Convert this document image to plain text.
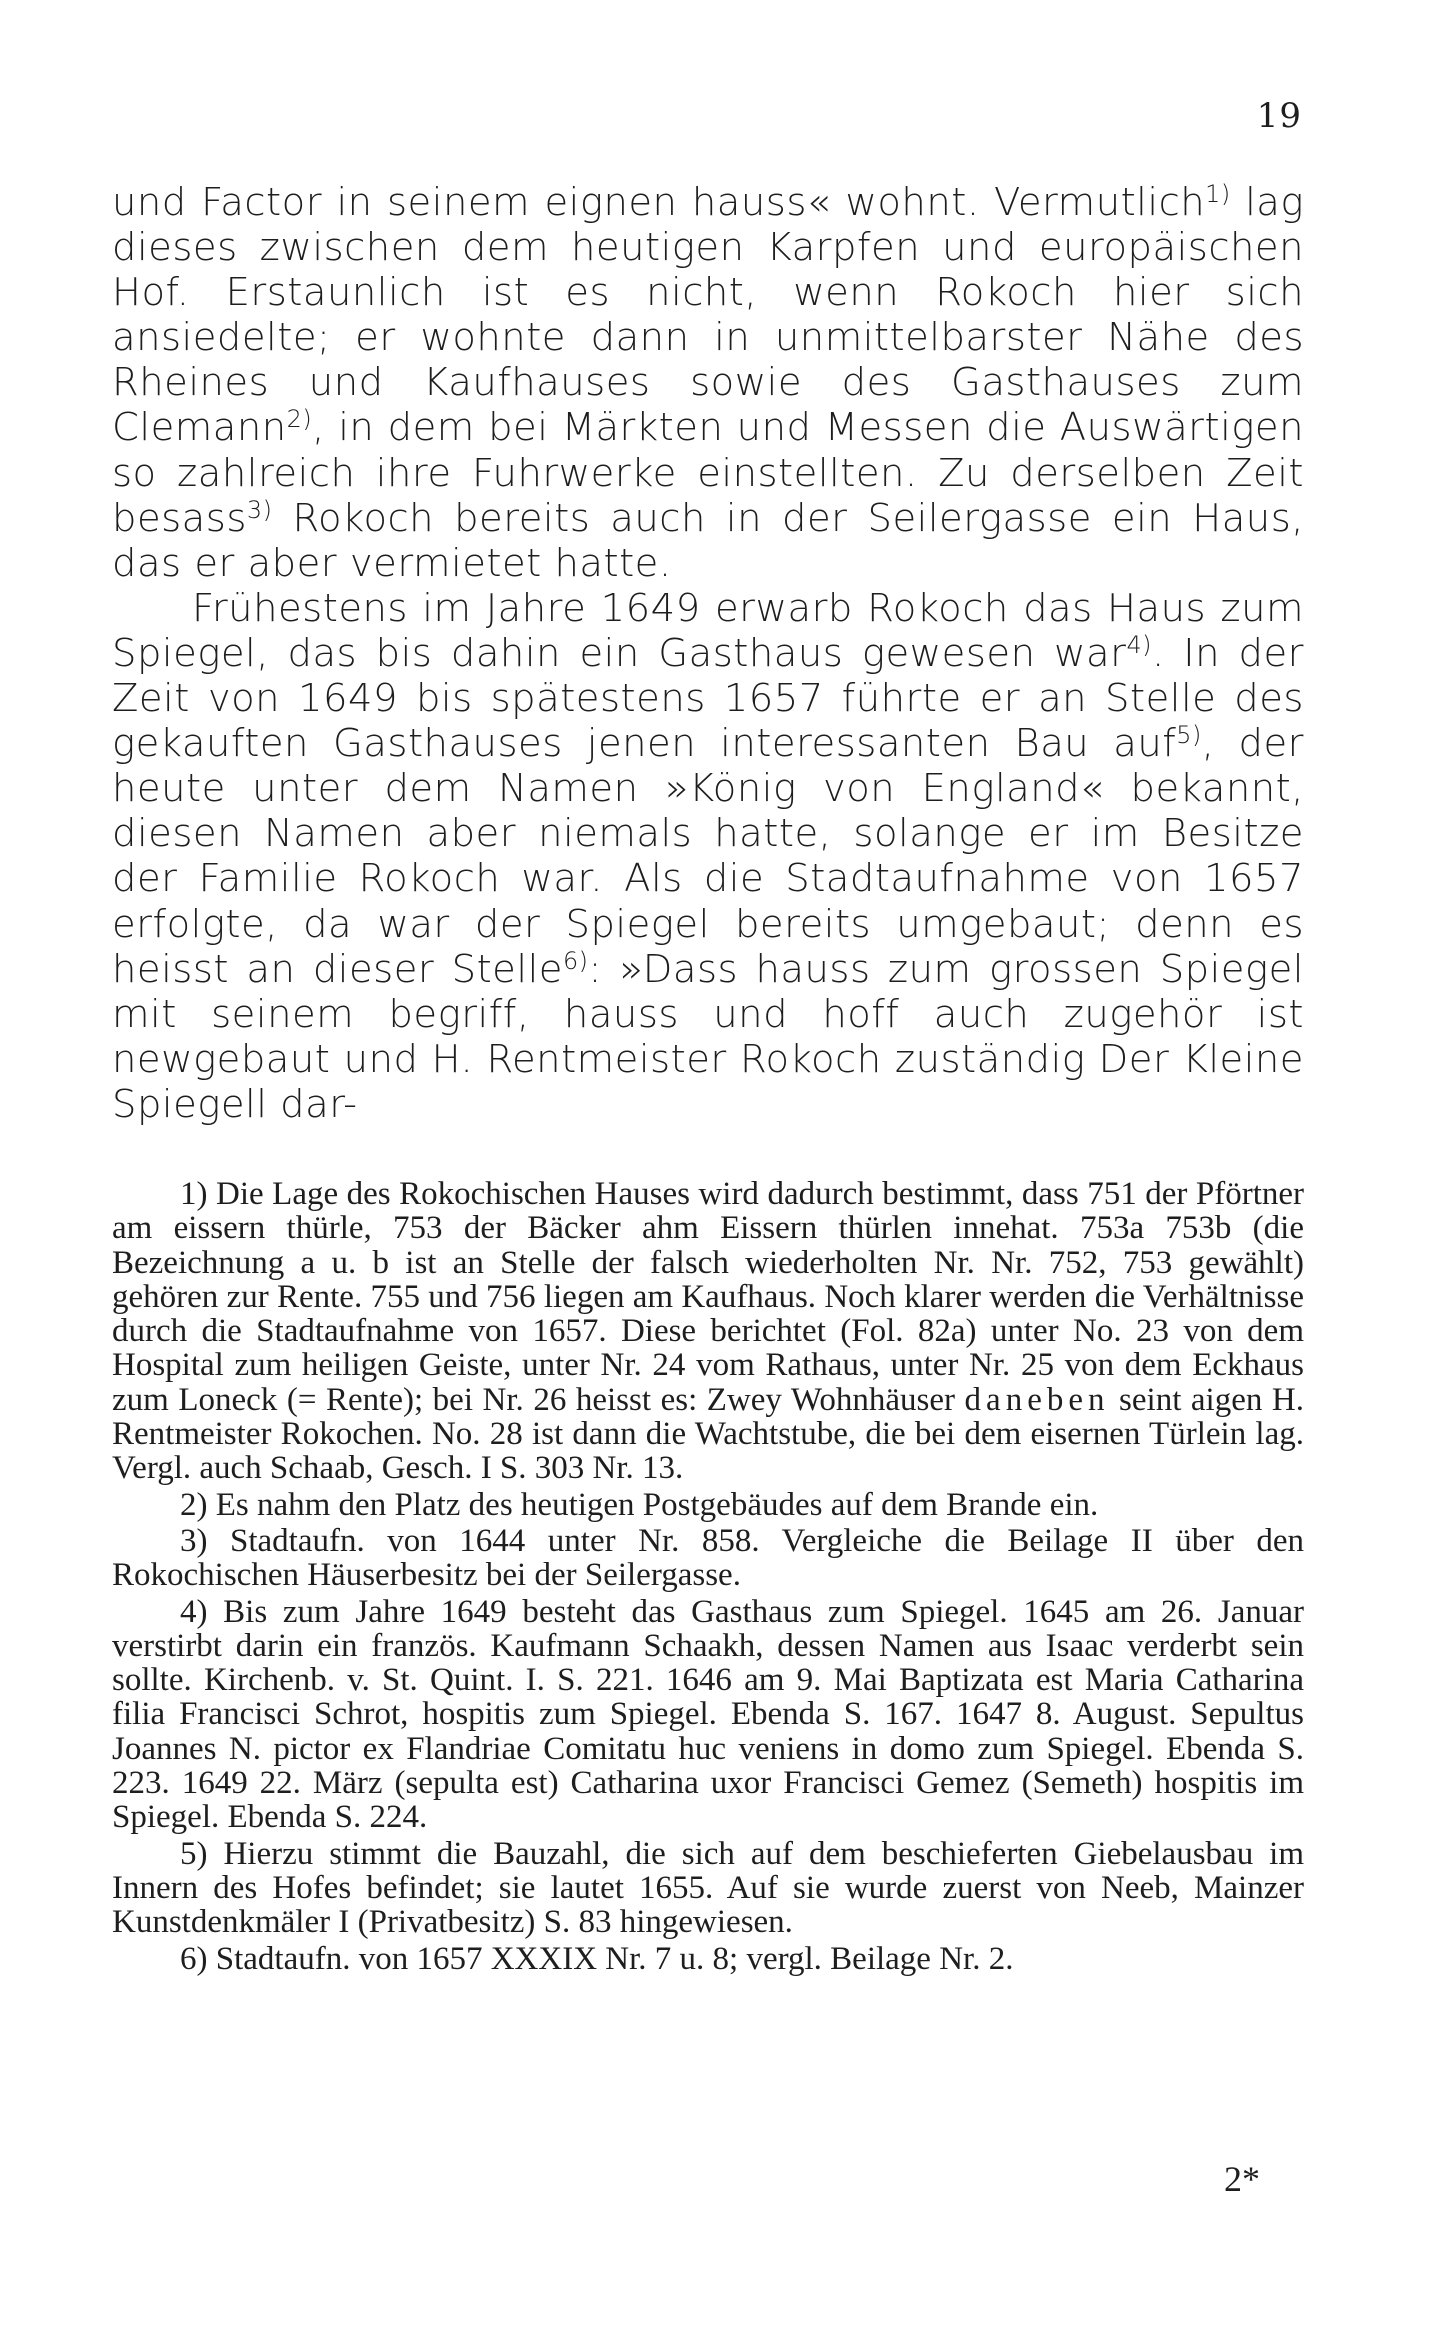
19

und Factor in seinem eignen hauss« wohnt. Vermutlich$^{1)}$ lag dieses zwischen dem heutigen Karpfen und europäischen Hof. Erstaunlich ist es nicht, wenn Rokoch hier sich ansiedelte; er wohnte dann in unmittelbarster Nähe des Rheines und Kaufhauses sowie des Gasthauses zum Clemann$^{2)}$, in dem bei Märkten und Messen die Auswärtigen so zahlreich ihre Fuhrwerke einstellten. Zu derselben Zeit besass$^{3)}$ Rokoch bereits auch in der Seilergasse ein Haus, das er aber vermietet hatte.

Frühestens im Jahre 1649 erwarb Rokoch das Haus zum Spiegel, das bis dahin ein Gasthaus gewesen war$^{4)}$. In der Zeit von 1649 bis spätestens 1657 führte er an Stelle des gekauften Gasthauses jenen interessanten Bau auf$^{5)}$, der heute unter dem Namen »König von England« bekannt, diesen Namen aber niemals hatte, solange er im Besitze der Familie Rokoch war. Als die Stadtaufnahme von 1657 erfolgte, da war der Spiegel bereits umgebaut; denn es heisst an dieser Stelle$^{6)}$: »Dass hauss zum grossen Spiegel mit seinem begriff, hauss und hoff auch zugehör ist newgebaut und H. Rentmeister Rokoch zuständig Der Kleine Spiegell dar-

1) Die Lage des Rokochischen Hauses wird dadurch bestimmt, dass 751 der Pförtner am eissern thürle, 753 der Bäcker ahm Eissern thürlen innehat. 753a 753b (die Bezeichnung a u. b ist an Stelle der falsch wiederholten Nr. Nr. 752, 753 gewählt) gehören zur Rente. 755 und 756 liegen am Kaufhaus. Noch klarer werden die Verhältnisse durch die Stadtaufnahme von 1657. Diese berichtet (Fol. 82a) unter No. 23 von dem Hospital zum heiligen Geiste, unter Nr. 24 vom Rathaus, unter Nr. 25 von dem Eckhaus zum Loneck (= Rente); bei Nr. 26 heisst es: Zwey Wohnhäuser daneben seint aigen H. Rentmeister Rokochen. No. 28 ist dann die Wachtstube, die bei dem eisernen Türlein lag. Vergl. auch Schaab, Gesch. I S. 303 Nr. 13.

2) Es nahm den Platz des heutigen Postgebäudes auf dem Brande ein.

3) Stadtaufn. von 1644 unter Nr. 858. Vergleiche die Beilage II über den Rokochischen Häuserbesitz bei der Seilergasse.

4) Bis zum Jahre 1649 besteht das Gasthaus zum Spiegel. 1645 am 26. Januar verstirbt darin ein französ. Kaufmann Schaakh, dessen Namen aus Isaac verderbt sein sollte. Kirchenb. v. St. Quint. I. S. 221. 1646 am 9. Mai Baptizata est Maria Catharina filia Francisci Schrot, hospitis zum Spiegel. Ebenda S. 167. 1647 8. August. Sepultus Joannes N. pictor ex Flandriae Comitatu huc veniens in domo zum Spiegel. Ebenda S. 223. 1649 22. März (sepulta est) Catharina uxor Francisci Gemez (Semeth) hospitis im Spiegel. Ebenda S. 224.

5) Hierzu stimmt die Bauzahl, die sich auf dem beschieferten Giebelausbau im Innern des Hofes befindet; sie lautet 1655. Auf sie wurde zuerst von Neeb, Mainzer Kunstdenkmäler I (Privatbesitz) S. 83 hingewiesen.

6) Stadtaufn. von 1657 XXXIX Nr. 7 u. 8; vergl. Beilage Nr. 2.

2*
